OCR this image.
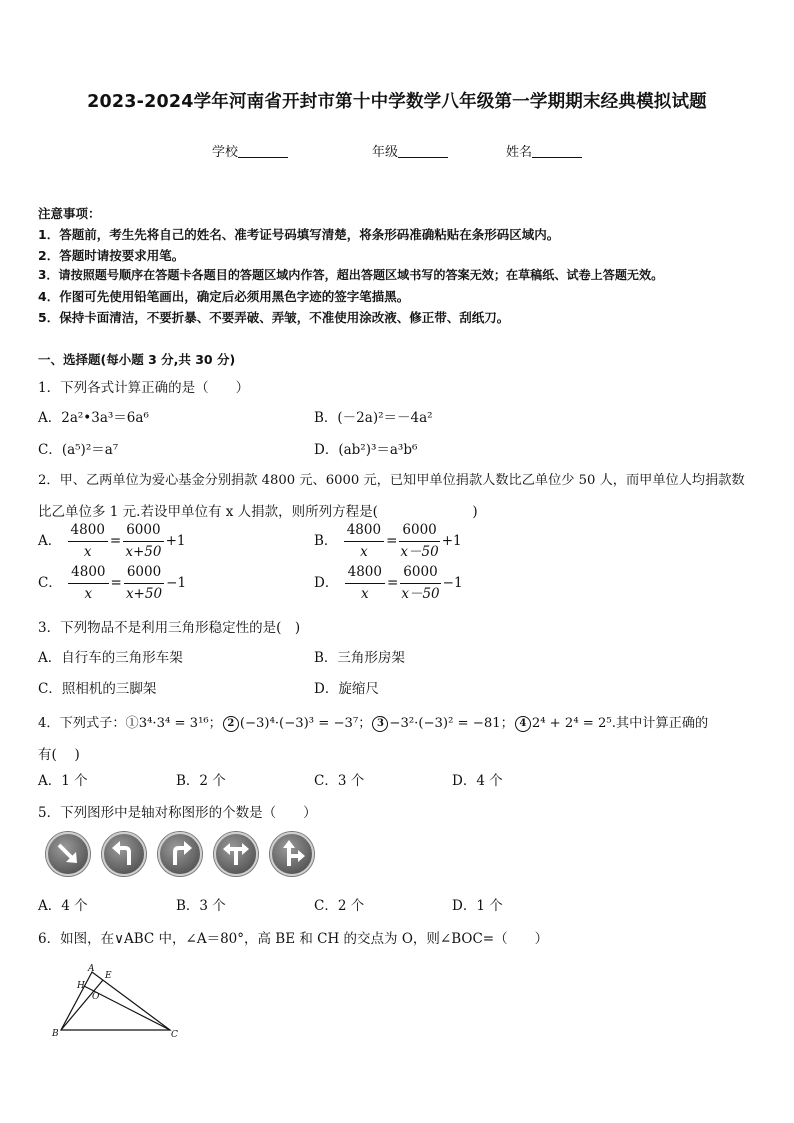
2023-2024学年河南省开封市第十中学数学八年级第一学期期末经典模拟试题
学校	年级	姓名
注意事项：
1．答题前，考生先将自己的姓名、准考证号码填写清楚，将条形码准确粘贴在条形码区域内。
2．答题时请按要求用笔。
3．请按照题号顺序在答题卡各题目的答题区域内作答，超出答题区域书写的答案无效；在草稿纸、试卷上答题无效。
4．作图可先使用铅笔画出，确定后必须用黑色字迹的签字笔描黑。
5．保持卡面清洁，不要折暴、不要弄破、弄皱，不准使用涂改液、修正带、刮纸刀。
一、选择题(每小题 3 分,共 30 分)
1．下列各式计算正确的是（　　）
A．2a²•3a³＝6a⁶	B．(－2a)²＝－4a²
C．(a⁵)²＝a⁷	D．(ab²)³＝a³b⁶
2．甲、乙两单位为爱心基金分别捐款 4800 元、6000 元，已知甲单位捐款人数比乙单位少 50 人，而甲单位人均捐款数
比乙单位多 1 元.若设甲单位有 x 人捐款，则所列方程是(　　　　　　　)
A． $\frac{4800}{x} = \frac{6000}{x+50} +1$	B． $\frac{4800}{x} = \frac{6000}{x-50} +1$
C． $\frac{4800}{x} = \frac{6000}{x+50} -1$	D． $\frac{4800}{x} = \frac{6000}{x-50} -1$
3．下列物品不是利用三角形稳定性的是(　)
A．自行车的三角形车架	B．三角形房架
C．照相机的三脚架	D．旋缩尺
4．下列式子：①3⁴·3⁴ = 3¹⁶； 2 (−3)⁴·(−3)³ = −3⁷； 3 −3²·(−3)² = −81； 4 2⁴ + 2⁴ = 2⁵.其中计算正确的
有(　 )
A．1 个	B．2 个	C．3 个	D．4 个
5．下列图形中是轴对称图形的个数是（　　）
A．4 个	B．3 个	C．2 个	D．1 个
6．如图，在∨ABC 中，∠A＝80°，高 BE 和 CH 的交点为 O，则∠BOC=（　　）
A
E
H
O
B	C
